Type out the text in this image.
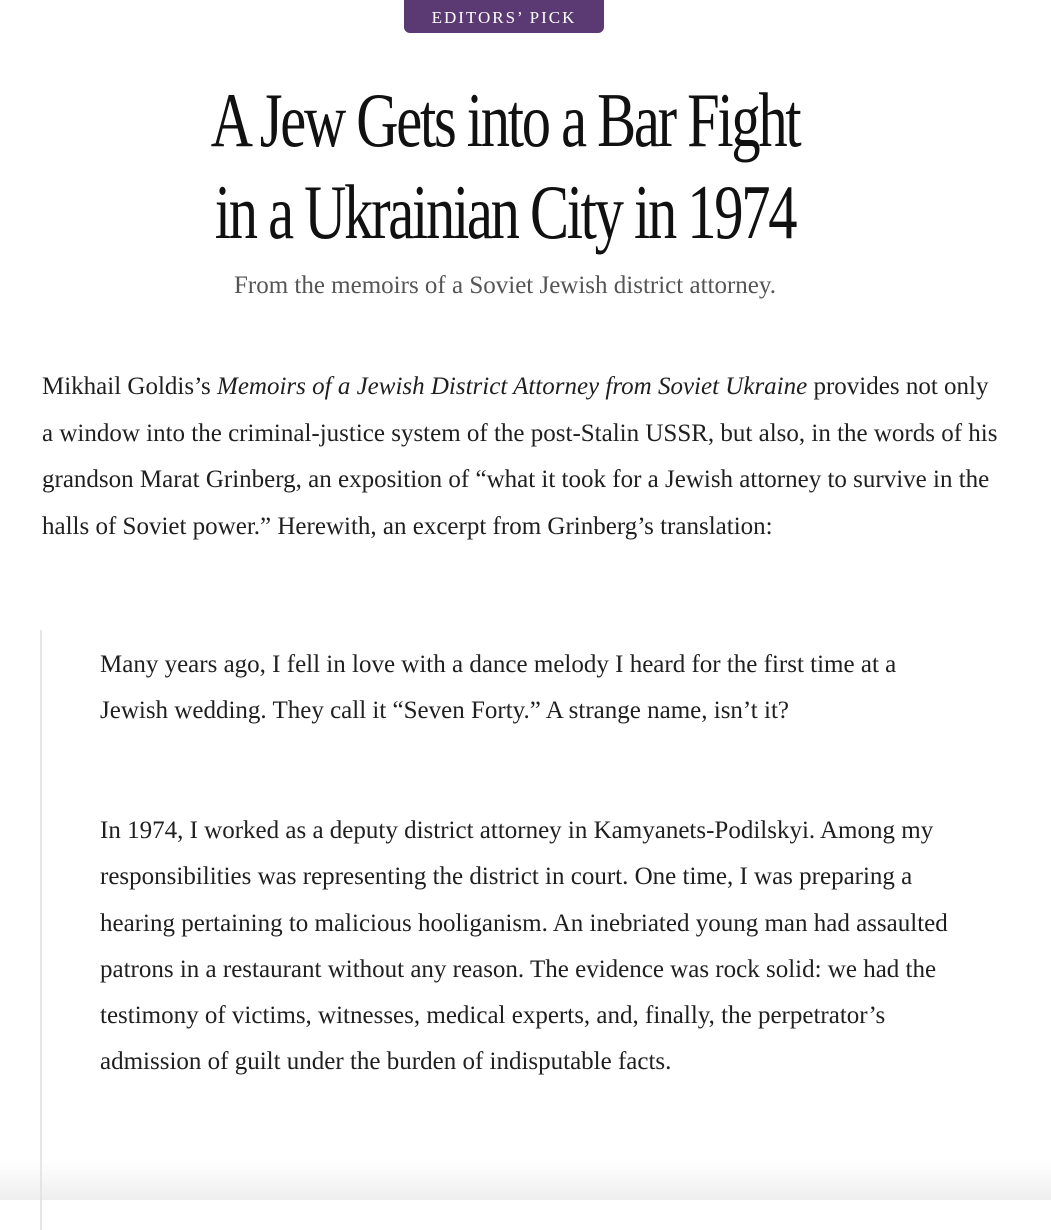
EDITORS’ PICK
A Jew Gets into a Bar Fight
in a Ukrainian City in 1974

From the memoirs of a Soviet Jewish district attorney.

Mikhail Goldis’s Memoirs of a Jewish District Attorney from Soviet Ukraine provides not only a window into the criminal-justice system of the post-Stalin USSR, but also, in the words of his grandson Marat Grinberg, an exposition of “what it took for a Jewish attorney to survive in the halls of Soviet power.” Herewith, an excerpt from Grinberg’s translation:

Many years ago, I fell in love with a dance melody I heard for the first time at a Jewish wedding. They call it “Seven Forty.” A strange name, isn’t it?

In 1974, I worked as a deputy district attorney in Kamyanets-Podilskyi. Among my responsibilities was representing the district in court. One time, I was preparing a hearing pertaining to malicious hooliganism. An inebriated young man had assaulted patrons in a restaurant without any reason. The evidence was rock solid: we had the testimony of victims, witnesses, medical experts, and, finally, the perpetrator’s admission of guilt under the burden of indisputable facts.
